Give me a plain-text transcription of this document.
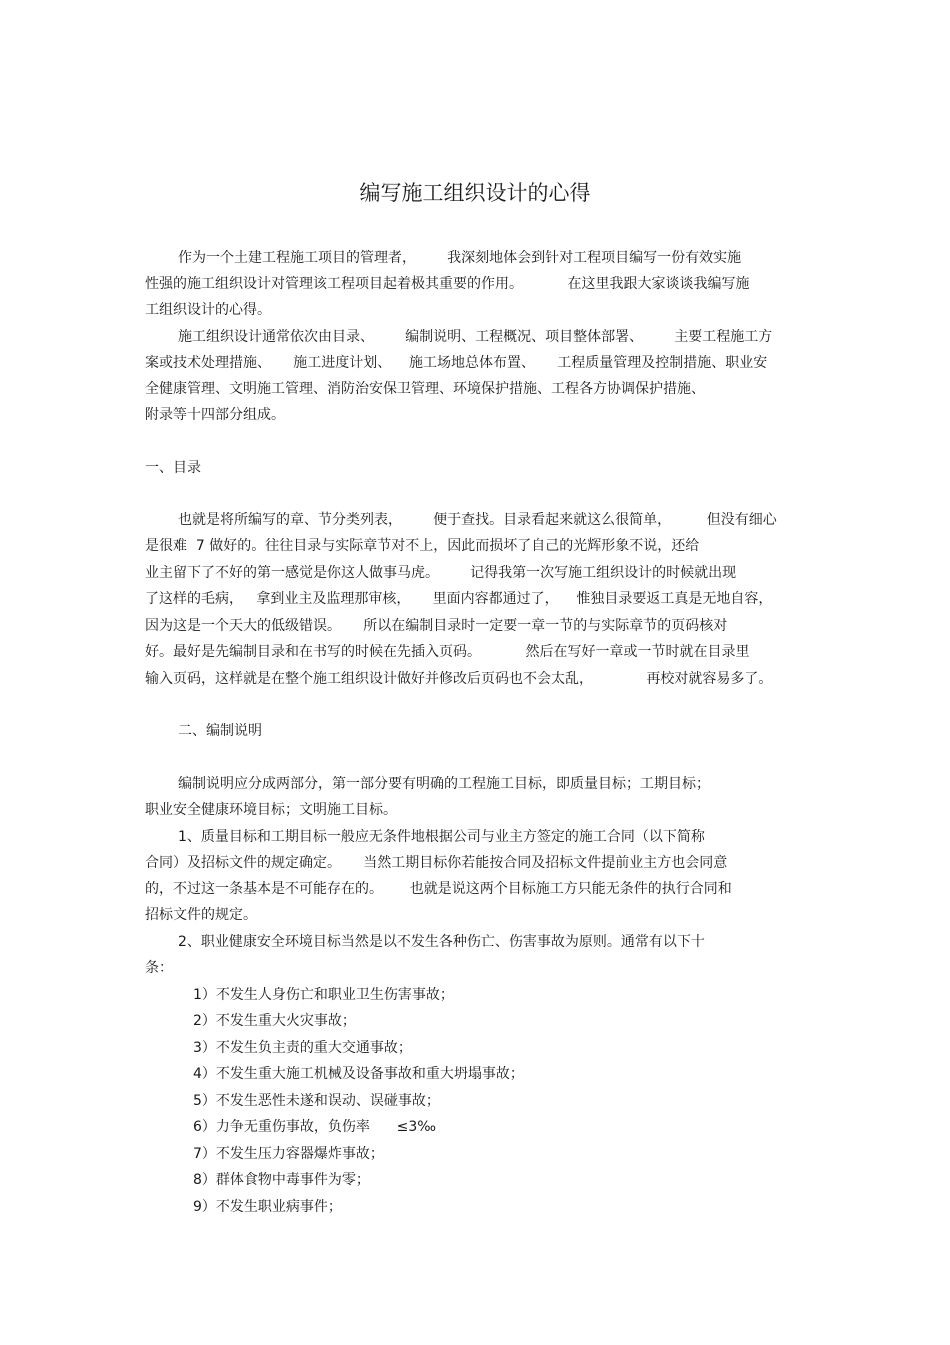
编写施工组织设计的心得
作为一个土建工程施工项目的管理者，       我深刻地体会到针对工程项目编写一份有效实施
性强的施工组织设计对管理该工程项目起着极其重要的作用。          在这里我跟大家谈谈我编写施
工组织设计的心得。
施工组织设计通常依次由目录、       编制说明、工程概况、项目整体部署、       主要工程施工方
案或技术处理措施、     施工进度计划、    施工场地总体布置、     工程质量管理及控制措施、职业安
全健康管理、文明施工管理、消防治安保卫管理、环境保护措施、工程各方协调保护措施、
附录等十四部分组成。
一、目录
也就是将所编写的章、节分类列表，       便于查找。目录看起来就这么很简单，        但没有细心
是很难  7 做好的。往往目录与实际章节对不上，因此而损坏了自己的光辉形象不说，还给
业主留下了不好的第一感觉是你这人做事马虎。       记得我第一次写施工组织设计的时候就出现
了这样的毛病，   拿到业主及监理那审核，     里面内容都通过了，    惟独目录要返工真是无地自容，
因为这是一个天大的低级错误。     所以在编制目录时一定要一章一节的与实际章节的页码核对
好。最好是先编制目录和在书写的时候在先插入页码。          然后在写好一章或一节时就在目录里
输入页码，这样就是在整个施工组织设计做好并修改后页码也不会太乱，            再校对就容易多了。
二、编制说明
编制说明应分成两部分，第一部分要有明确的工程施工目标，即质量目标；工期目标；
职业安全健康环境目标；文明施工目标。
1、质量目标和工期目标一般应无条件地根据公司与业主方签定的施工合同（以下简称
合同）及招标文件的规定确定。     当然工期目标你若能按合同及招标文件提前业主方也会同意
的，不过这一条基本是不可能存在的。      也就是说这两个目标施工方只能无条件的执行合同和
招标文件的规定。
2、职业健康安全环境目标当然是以不发生各种伤亡、伤害事故为原则。通常有以下十
条：
1）不发生人身伤亡和职业卫生伤害事故；
2）不发生重大火灾事故；
3）不发生负主责的重大交通事故；
4）不发生重大施工机械及设备事故和重大坍塌事故；
5）不发生恶性未遂和误动、误碰事故；
6）力争无重伤事故，负伤率      ≤3‰
7）不发生压力容器爆炸事故；
8）群体食物中毒事件为零；
9）不发生职业病事件；
